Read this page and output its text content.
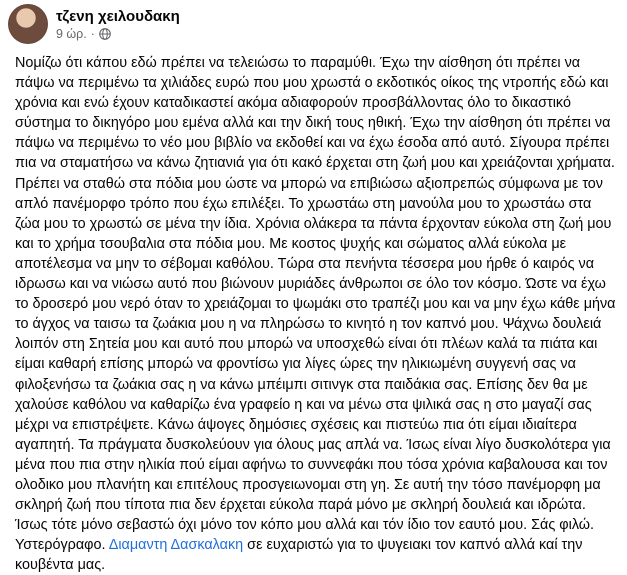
τζενη χειλουδακη
9 ώρ. ·
Νομίζω ότι κάπου εδώ πρέπει να τελειώσω το παραμύθι. Έχω την αίσθηση ότι πρέπει να πάψω να περιμένω τα χιλιάδες ευρώ που μου χρωστά ο εκδοτικός οίκος της ντροπής εδώ και χρόνια και ενώ έχουν καταδικαστεί ακόμα αδιαφορούν προσβάλλοντας όλο το δικαστικό σύστημα το δικηγόρο μου εμένα αλλά και την δική τους ηθική. Έχω την αίσθηση ότι πρέπει να πάψω να περιμένω το νέο μου βιβλίο να εκδοθεί και να έχω έσοδα από αυτό. Σίγουρα πρέπει πια να σταματήσω να κάνω ζητιανιά για ότι κακό έρχεται στη ζωή μου και χρειάζονται χρήματα. Πρέπει να σταθώ στα πόδια μου ώστε να μπορώ να επιβιώσω αξιοπρεπώς σύμφωνα με τον απλό πανέμορφο τρόπο που έχω επιλέξει. Το χρωστάω στη μανούλα μου το χρωστάω στα ζώα μου το χρωστώ σε μένα την ίδια. Χρόνια ολάκερα τα πάντα έρχονταν εύκολα στη ζωή μου και το χρήμα τσουβαλια στα πόδια μου. Με κοστος ψυχής και σώματος αλλά εύκολα με αποτέλεσμα να μην το σέβομαι καθόλου. Τώρα στα πενήντα τέσσερα μου ήρθε ό καιρός να ιδρωσω και να νιώσω αυτό που βιώνουν μυριάδες άνθρωποι σε όλο τον κόσμο. Ώστε να έχω το δροσερό μου νερό όταν το χρειάζομαι το ψωμάκι στο τραπέζι μου και να μην έχω κάθε μήνα το άγχος να ταισω τα ζωάκια μου η να πληρώσω το κινητό η τον καπνό μου. Ψάχνω δουλειά λοιπόν στη Σητεία μου και αυτό που μπορώ να υποσχεθώ είναι ότι πλέων καλά τα πιάτα και είμαι καθαρή επίσης μπορώ να φροντίσω για λίγες ώρες την ηλικιωμένη συγγενή σας να φιλοξενήσω τα ζωάκια σας η να κάνω μπέιμπι σιτινγκ στα παιδάκια σας. Επίσης δεν θα με χαλούσε καθόλου να καθαρίζω ένα γραφείο η και να μένω στα ψιλικά σας η στο μαγαζί σας μέχρι να επιστρέψετε. Κάνω άψογες δημόσιες σχέσεις και πιστεύω πια ότι είμαι ιδιαίτερα αγαπητή. Τα πράγματα δυσκολεύουν για όλους μας απλά να. Ίσως είναι λίγο δυσκολότερα για μένα που πια στην ηλικία πού είμαι αφήνω το συννεφάκι που τόσα χρόνια καβαλουσα και τον ολοδικο μου πλανήτη και επιτέλους προσγειωνομαι στη γη. Σε αυτή την τόσο πανέμορφη μα σκληρή ζωή που τίποτα πια δεν έρχεται εύκολα παρά μόνο με σκληρή δουλειά και ιδρώτα. Ίσως τότε μόνο σεβαστώ όχι μόνο τον κόπο μου αλλά και τόν ίδιο τον εαυτό μου. Σάς φιλώ. Υστερόγραφο. Διαμαντη Δασκαλακη σε ευχαριστώ για το ψυγειακι τον καπνό αλλά καί την κουβέντα μας.
